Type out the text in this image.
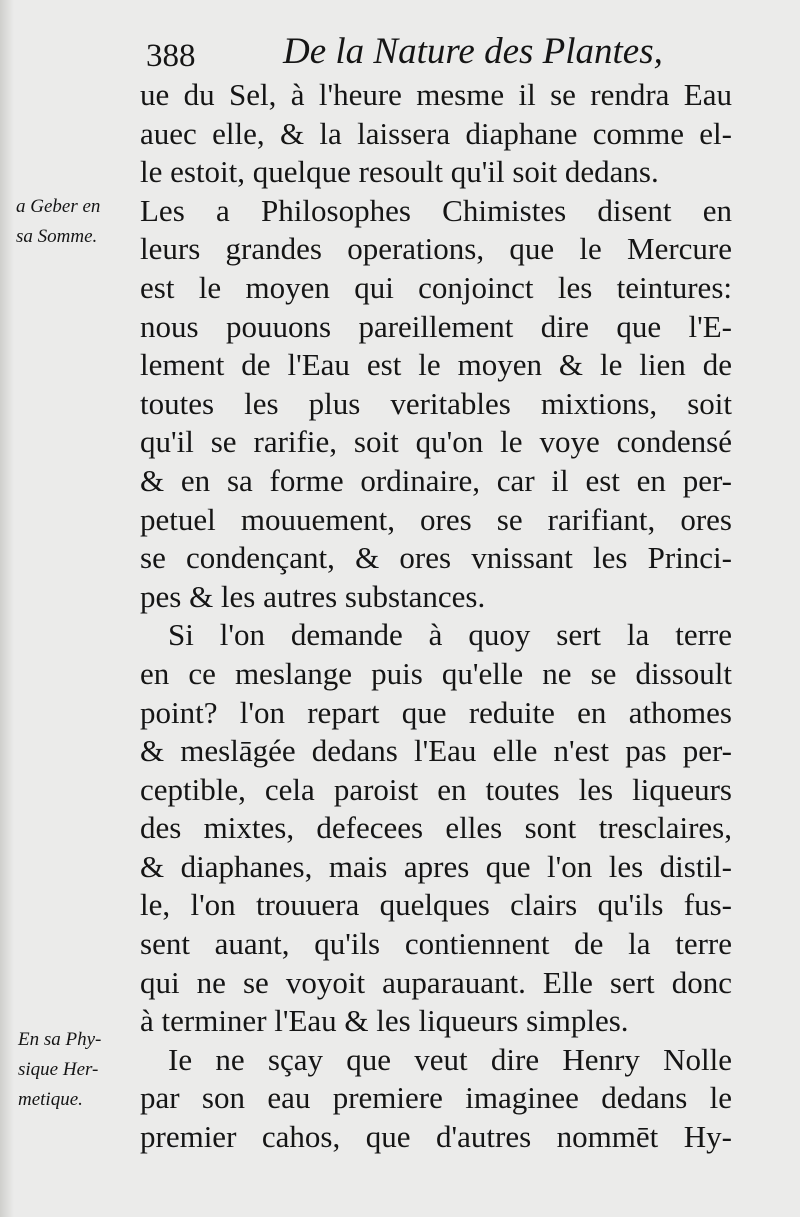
388 De la Nature des Plantes,
a Geber en
sa Somme.
En sa Phy-
sique Her-
metique.
ue du Sel, à l'heure mesme il se rendra Eau
auec elle, & la laissera diaphane comme el-
le estoit, quelque resoult qu'il soit dedans.
Les a Philosophes Chimistes disent en
leurs grandes operations, que le Mercure
est le moyen qui conjoinct les teintures:
nous pouuons pareillement dire que l'E-
lement de l'Eau est le moyen & le lien de
toutes les plus veritables mixtions, soit
qu'il se rarifie, soit qu'on le voye condensé
& en sa forme ordinaire, car il est en per-
petuel mouuement, ores se rarifiant, ores
se condençant, & ores vnissant les Princi-
pes & les autres substances.
Si l'on demande à quoy sert la terre
en ce meslange puis qu'elle ne se dissoult
point? l'on repart que reduite en athomes
& meslāgée dedans l'Eau elle n'est pas per-
ceptible, cela paroist en toutes les liqueurs
des mixtes, defecees elles sont tresclaires,
& diaphanes, mais apres que l'on les distil-
le, l'on trouuera quelques clairs qu'ils fus-
sent auant, qu'ils contiennent de la terre
qui ne se voyoit auparauant. Elle sert donc
à terminer l'Eau & les liqueurs simples.
Ie ne sçay que veut dire Henry Nolle
par son eau premiere imaginee dedans le
premier cahos, que d'autres nommēt Hy-
